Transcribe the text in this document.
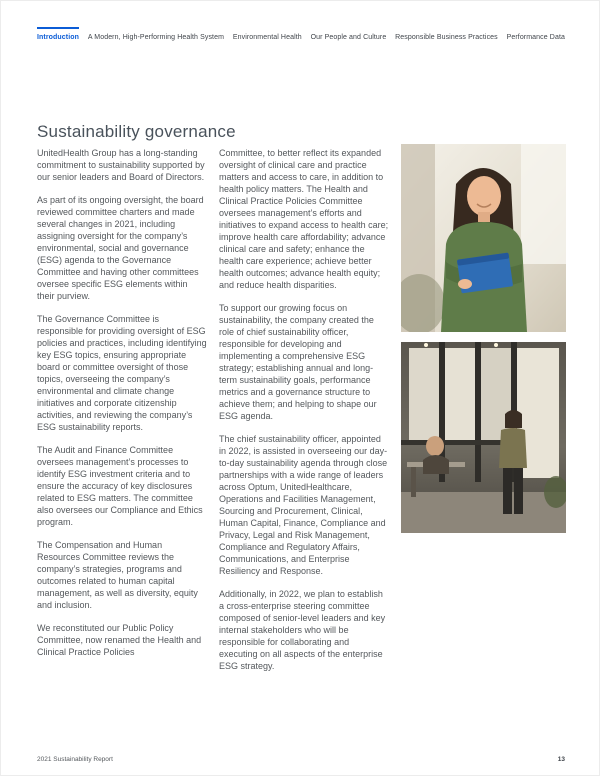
Introduction A Modern, High-Performing Health System Environmental Health Our People and Culture Responsible Business Practices Performance Data
Sustainability governance

UnitedHealth Group has a long-standing commitment to sustainability supported by our senior leaders and Board of Directors.

As part of its ongoing oversight, the board reviewed committee charters and made several changes in 2021, including assigning oversight for the company’s environmental, social and governance (ESG) agenda to the Governance Committee and having other committees oversee specific ESG elements within their purview.

The Governance Committee is responsible for providing oversight of ESG policies and practices, including identifying key ESG topics, ensuring appropriate board or committee oversight of those topics, overseeing the company’s environmental and climate change initiatives and corporate citizenship activities, and reviewing the company’s ESG sustainability reports.

The Audit and Finance Committee oversees management’s processes to identify ESG investment criteria and to ensure the accuracy of key disclosures related to ESG matters. The committee also oversees our Compliance and Ethics program.

The Compensation and Human Resources Committee reviews the company’s strategies, programs and outcomes related to human capital management, as well as diversity, equity and inclusion.

We reconstituted our Public Policy Committee, now renamed the Health and Clinical Practice Policies

Committee, to better reflect its expanded oversight of clinical care and practice matters and access to care, in addition to health policy matters. The Health and Clinical Practice Policies Committee oversees management’s efforts and initiatives to expand access to health care; improve health care affordability; advance clinical care and safety; enhance the health care experience; achieve better health outcomes; advance health equity; and reduce health disparities.

To support our growing focus on sustainability, the company created the role of chief sustainability officer, responsible for developing and implementing a comprehensive ESG strategy; establishing annual and long-term sustainability goals, performance metrics and a governance structure to achieve them; and helping to shape our ESG agenda.

The chief sustainability officer, appointed in 2022, is assisted in overseeing our day-to-day sustainability agenda through close partnerships with a wide range of leaders across Optum, UnitedHealthcare, Operations and Facilities Management, Sourcing and Procurement, Clinical, Human Capital, Finance, Compliance and Privacy, Legal and Risk Management, Compliance and Regulatory Affairs, Communications, and Enterprise Resiliency and Response.

Additionally, in 2022, we plan to establish a cross-enterprise steering committee composed of senior-level leaders and key internal stakeholders who will be responsible for collaborating and executing on all aspects of the enterprise ESG strategy.

2021 Sustainability Report	13
